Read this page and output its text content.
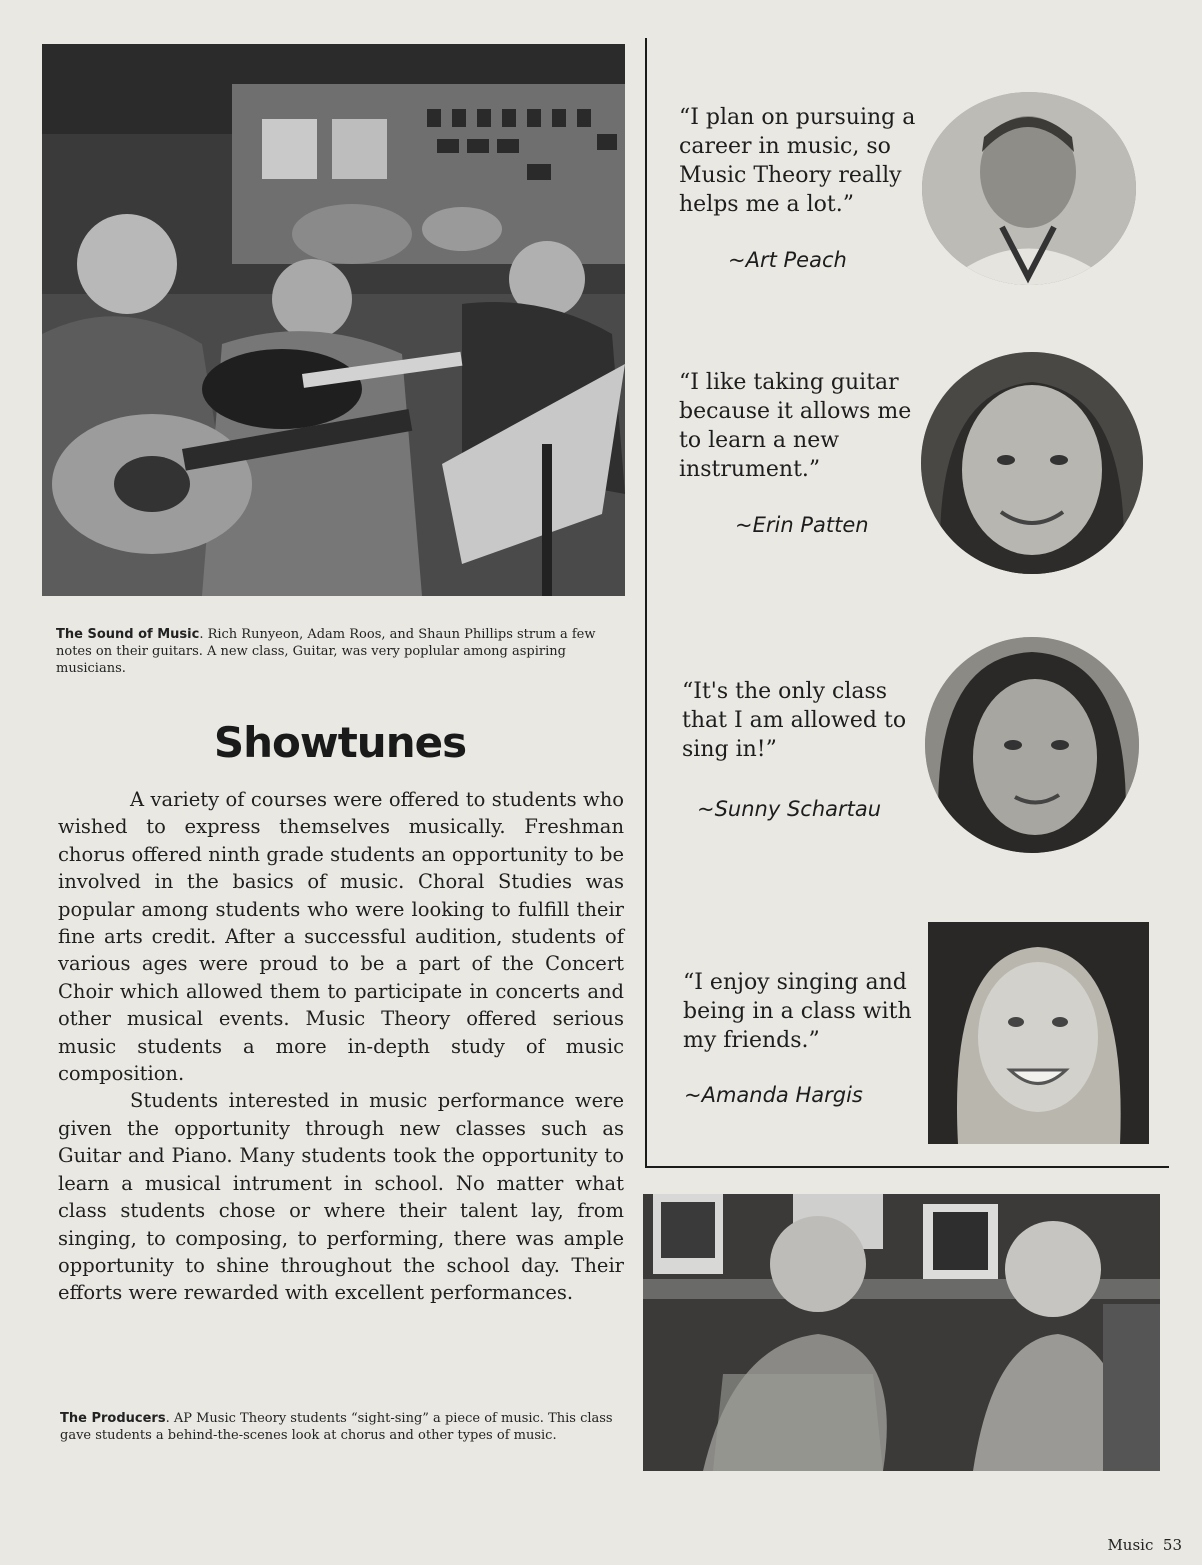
The Sound of Music. Rich Runyeon, Adam Roos, and Shaun Phillips strum a few notes on their guitars. A new class, Guitar, was very poplular among aspiring musicians.
Showtunes

A variety of courses were offered to students who wished to express themselves musically. Freshman chorus offered ninth grade students an opportunity to be involved in the basics of music. Choral Studies was popular among students who were looking to fulfill their fine arts credit. After a successful audition, students of various ages were proud to be a part of the Concert Choir which allowed them to participate in concerts and other musical events. Music Theory offered serious music students a more in-depth study of music composition.

Students interested in music performance were given the opportunity through new classes such as Guitar and Piano. Many students took the opportunity to learn a musical intrument in school. No matter what class students chose or where their talent lay, from singing, to composing, to performing, there was ample opportunity to shine throughout the school day. Their efforts were rewarded with excellent performances.

The Producers. AP Music Theory students “sight-sing” a piece of music. This class gave students a behind-the-scenes look at chorus and other types of music.
“I plan on pursuing a career in music, so Music Theory really helps me a lot.”
~Art Peach
“I like taking guitar because it allows me to learn a new instrument.”
~Erin Patten
“It's the only class that I am allowed to sing in!”
~Sunny Schartau
“I enjoy singing and being in a class with my friends.”
~Amanda Hargis
Music 53
